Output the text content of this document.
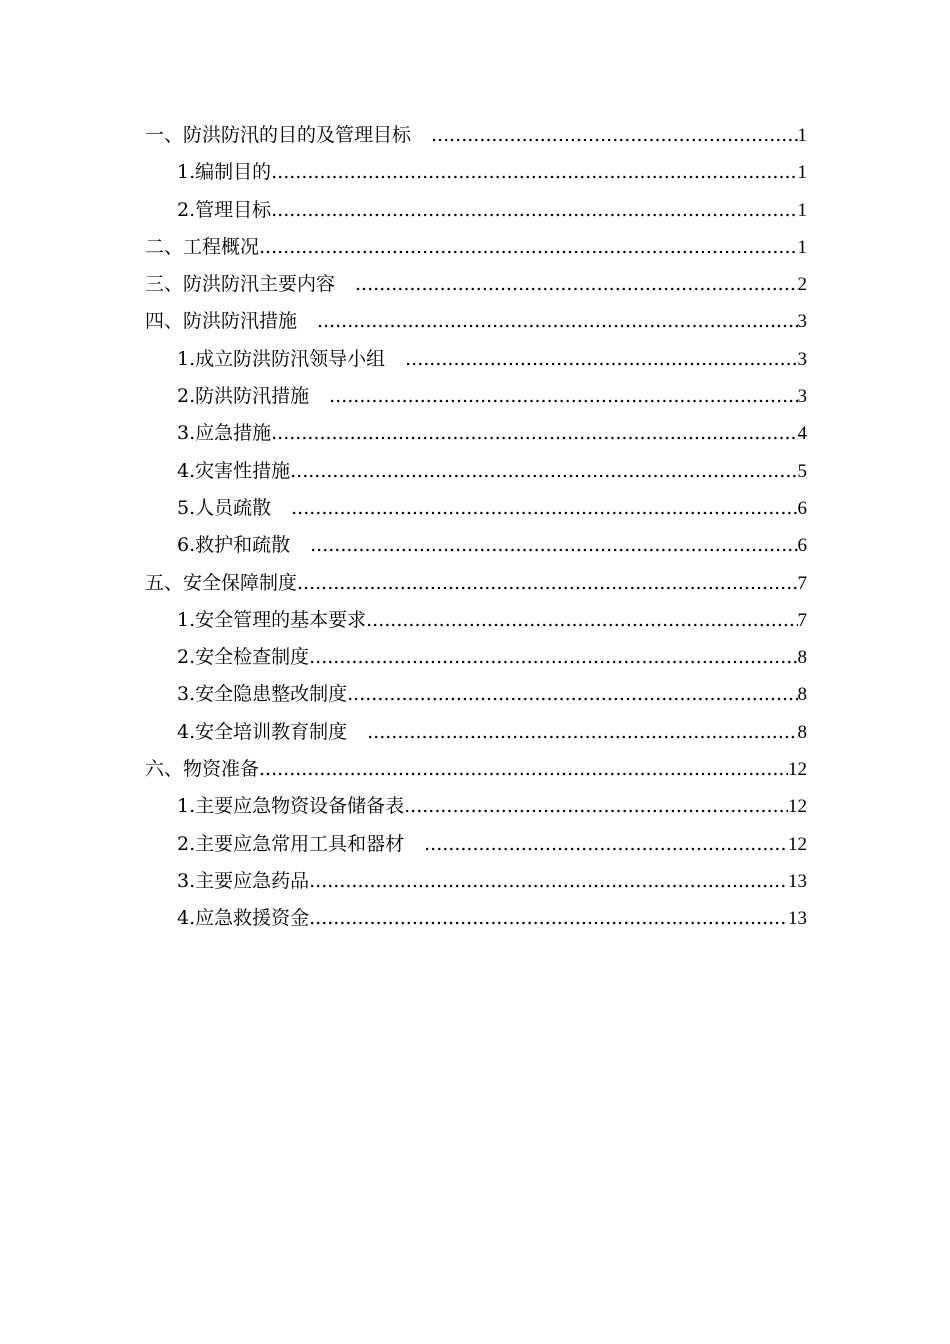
一、防洪防汛的目的及管理目标 .....	1
1.编制目的 .....	1
2.管理目标 .....	1
二、工程概况 .....	1
三、防洪防汛主要内容 .....	2
四、防洪防汛措施 .....	3
1.成立防洪防汛领导小组 .....	3
2.防洪防汛措施 .....	3
3.应急措施 .....	4
4.灾害性措施 .....	5
5.人员疏散 .....	6
6.救护和疏散 .....	6
五、安全保障制度 .....	7
1.安全管理的基本要求 .....	7
2.安全检查制度 .....	8
3.安全隐患整改制度 .....	8
4.安全培训教育制度 .....	8
六、物资准备 .....	12
1.主要应急物资设备储备表 .....	12
2.主要应急常用工具和器材 .....	12
3.主要应急药品 .....	13
4.应急救援资金 .....	13
